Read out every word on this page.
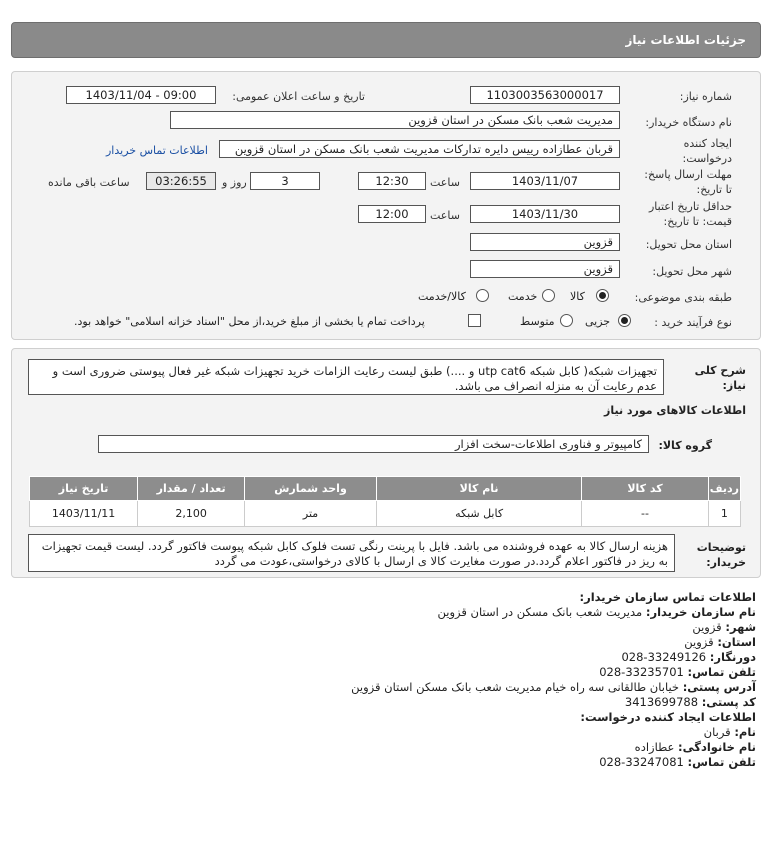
جزئیات اطلاعات نیاز
شماره نیاز:
1103003563000017
تاریخ و ساعت اعلان عمومی:
1403/11/04 - 09:00
نام دستگاه خریدار:
مدیریت شعب بانک مسکن در استان قزوین
ایجاد کننده
درخواست:
قربان عطازاده رییس دایره تدارکات مدیریت شعب بانک مسکن در استان قزوین
اطلاعات تماس خریدار
مهلت ارسال پاسخ:
تا تاریخ:
1403/11/07
ساعت
12:30
3
روز و
03:26:55
ساعت باقی مانده
حداقل تاریخ اعتبار
قیمت: تا تاریخ:
1403/11/30
ساعت
12:00
استان محل تحویل:
قزوین
شهر محل تحویل:
قزوین
طبقه بندی موضوعی:
کالا
خدمت
کالا/خدمت
نوع فرآیند خرید :
جزیی
متوسط
پرداخت تمام یا بخشی از مبلغ خرید،از محل "اسناد خزانه اسلامی" خواهد بود.
شرح کلی
نیاز:
تجهیزات شبکه( کابل شبکه utp cat6 و ....) طبق لیست رعایت الزامات خرید تجهیزات شبکه غیر فعال پیوستی ضروری است و عدم رعایت آن به منزله انصراف می باشد.
اطلاعات کالاهای مورد نیاز
گروه کالا:
کامپیوتر و فناوری اطلاعات-سخت افزار
ردیف	کد کالا	نام کالا	واحد شمارش	تعداد / مقدار	تاریخ نیاز
1	--	کابل شبکه	متر	2,100	1403/11/11
توضیحات
خریدار:
هزینه ارسال کالا به عهده فروشنده می باشد. فایل با پرینت رنگی تست فلوک کابل شبکه پیوست فاکتور گردد. لیست قیمت تجهیزات به ریز در فاکتور اعلام گردد.در صورت مغایرت کالا ی ارسال با کالای درخواستی،عودت می گردد
اطلاعات تماس سازمان خریدار:
نام سازمان خریدار: مدیریت شعب بانک مسکن در استان قزوین
شهر: قزوین
استان: قزوین
دورنگار: 028-33249126
تلفن تماس: 028-33235701
آدرس پستی: خیابان طالقانی سه راه خیام مدیریت شعب بانک مسکن استان قزوین
کد پستی: 3413699788
اطلاعات ایجاد کننده درخواست:
نام: قربان
نام خانوادگی: عطازاده
تلفن تماس: 028-33247081
